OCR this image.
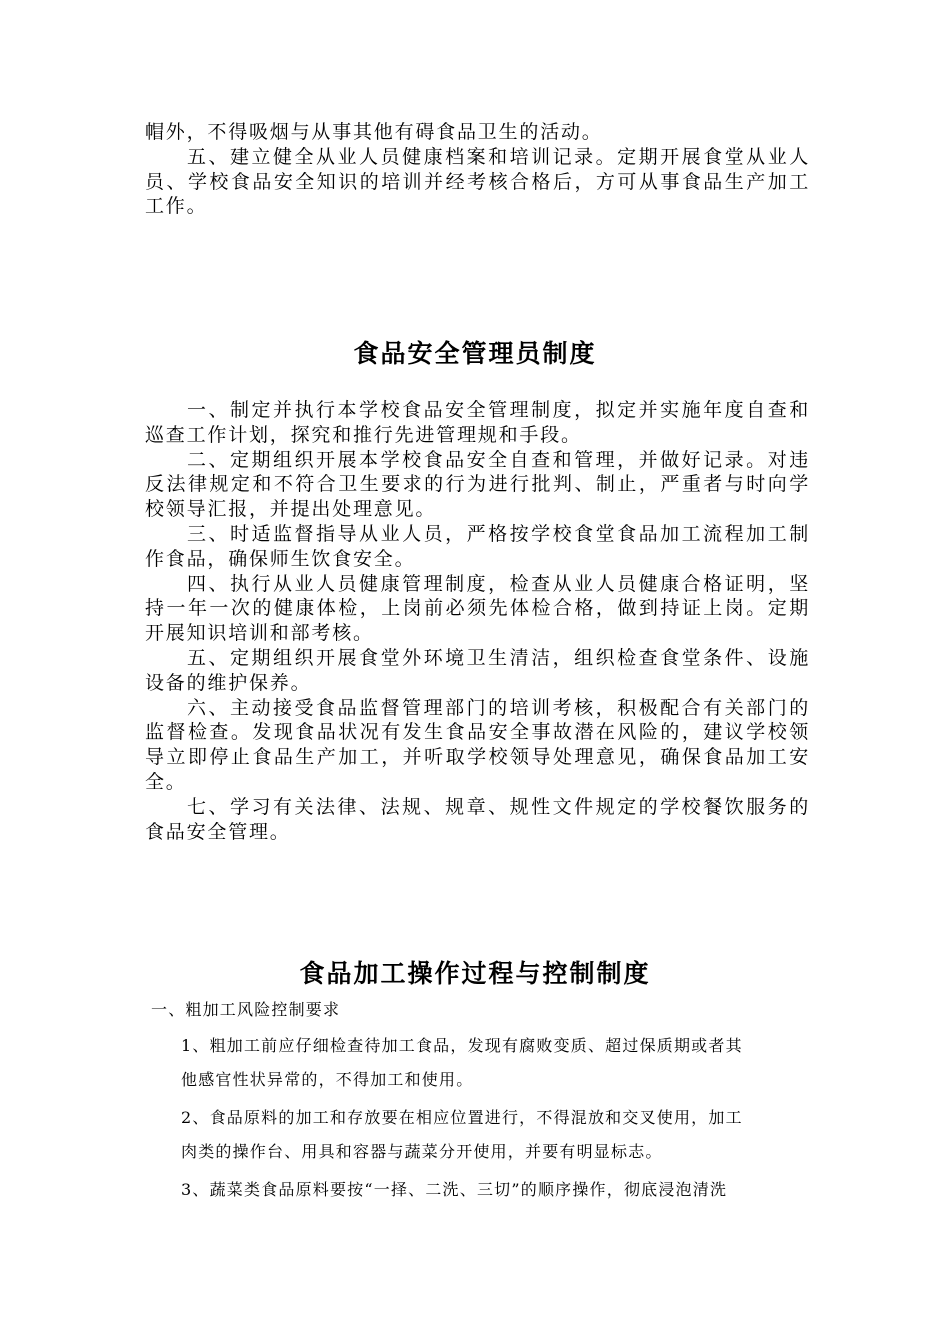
帽外，不得吸烟与从事其他有碍食品卫生的活动。

五、建立健全从业人员健康档案和培训记录。定期开展食堂从业人员、学校食品安全知识的培训并经考核合格后，方可从事食品生产加工工作。

食品安全管理员制度

一、制定并执行本学校食品安全管理制度，拟定并实施年度自查和巡查工作计划，探究和推行先进管理规和手段。

二、定期组织开展本学校食品安全自查和管理，并做好记录。对违反法律规定和不符合卫生要求的行为进行批判、制止，严重者与时向学校领导汇报，并提出处理意见。

三、时适监督指导从业人员，严格按学校食堂食品加工流程加工制作食品，确保师生饮食安全。

四、执行从业人员健康管理制度，检查从业人员健康合格证明，坚持一年一次的健康体检，上岗前必须先体检合格，做到持证上岗。定期开展知识培训和部考核。

五、定期组织开展食堂外环境卫生清洁，组织检查食堂条件、设施设备的维护保养。

六、主动接受食品监督管理部门的培训考核，积极配合有关部门的监督检查。发现食品状况有发生食品安全事故潜在风险的，建议学校领导立即停止食品生产加工，并听取学校领导处理意见，确保食品加工安全。

七、学习有关法律、法规、规章、规性文件规定的学校餐饮服务的食品安全管理。

食品加工操作过程与控制制度

一、粗加工风险控制要求

1、粗加工前应仔细检查待加工食品，发现有腐败变质、超过保质期或者其

他感官性状异常的，不得加工和使用。

2、食品原料的加工和存放要在相应位置进行，不得混放和交叉使用，加工

肉类的操作台、用具和容器与蔬菜分开使用，并要有明显标志。

3、蔬菜类食品原料要按“一择、二洗、三切”的顺序操作，彻底浸泡清洗
